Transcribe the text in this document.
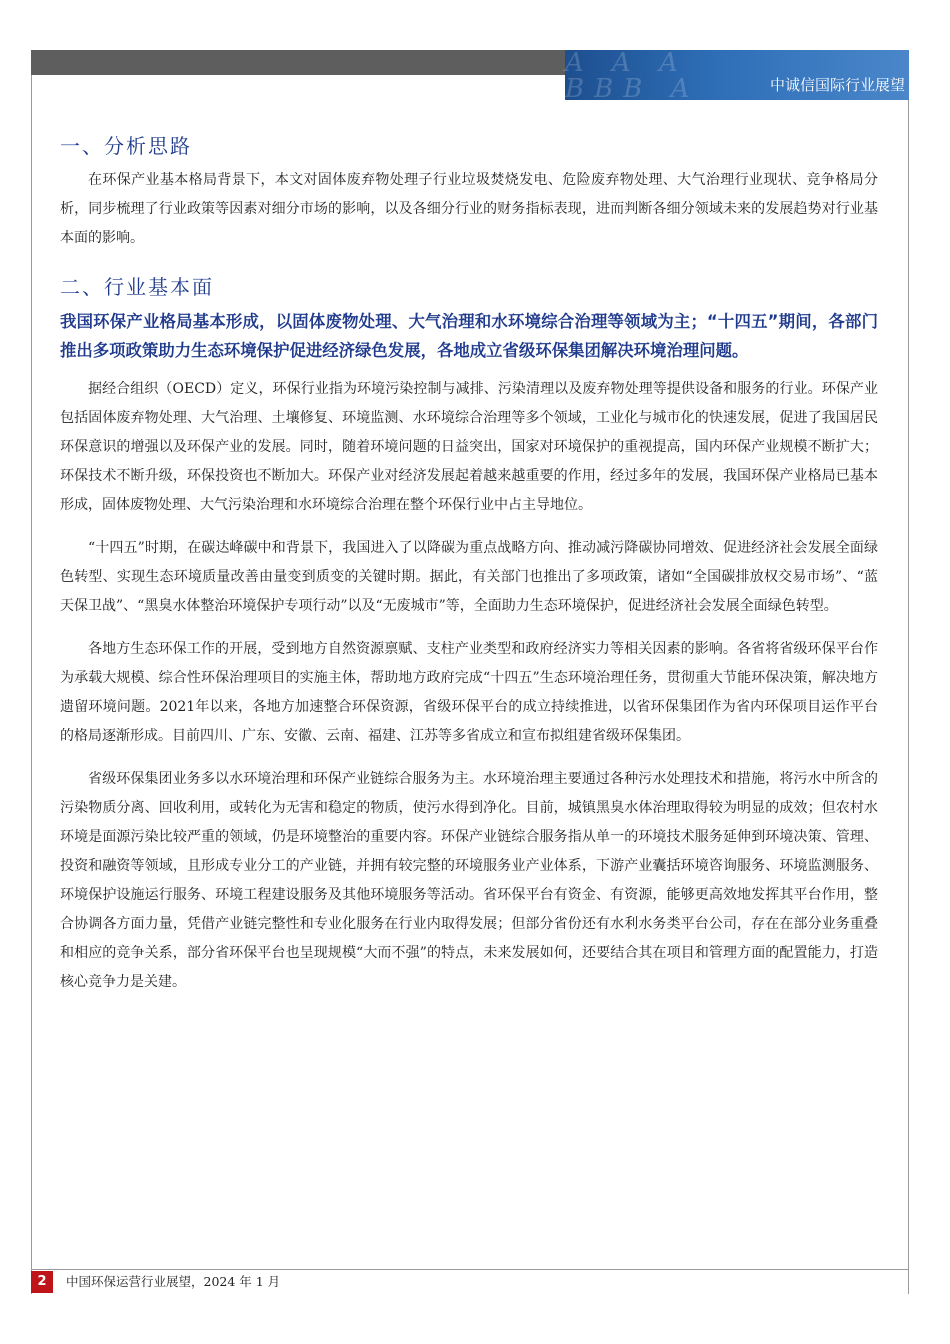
A A A
BBB A
CCC AA
中诚信国际行业展望
一、分析思路

在环保产业基本格局背景下，本文对固体废弃物处理子行业垃圾焚烧发电、危险废弃物处理、大气治理行业现状、竞争格局分析，同步梳理了行业政策等因素对细分市场的影响，以及各细分行业的财务指标表现，进而判断各细分领域未来的发展趋势对行业基本面的影响。

二、行业基本面

我国环保产业格局基本形成，以固体废物处理、大气治理和水环境综合治理等领域为主；“十四五”期间，各部门推出多项政策助力生态环境保护促进经济绿色发展，各地成立省级环保集团解决环境治理问题。

据经合组织（OECD）定义，环保行业指为环境污染控制与减排、污染清理以及废弃物处理等提供设备和服务的行业。环保产业包括固体废弃物处理、大气治理、土壤修复、环境监测、水环境综合治理等多个领域，工业化与城市化的快速发展，促进了我国居民环保意识的增强以及环保产业的发展。同时，随着环境问题的日益突出，国家对环境保护的重视提高，国内环保产业规模不断扩大；环保技术不断升级，环保投资也不断加大。环保产业对经济发展起着越来越重要的作用，经过多年的发展，我国环保产业格局已基本形成，固体废物处理、大气污染治理和水环境综合治理在整个环保行业中占主导地位。

“十四五”时期，在碳达峰碳中和背景下，我国进入了以降碳为重点战略方向、推动减污降碳协同增效、促进经济社会发展全面绿色转型、实现生态环境质量改善由量变到质变的关键时期。据此，有关部门也推出了多项政策，诸如“全国碳排放权交易市场”、“蓝天保卫战”、“黑臭水体整治环境保护专项行动”以及“无废城市”等，全面助力生态环境保护，促进经济社会发展全面绿色转型。

各地方生态环保工作的开展，受到地方自然资源禀赋、支柱产业类型和政府经济实力等相关因素的影响。各省将省级环保平台作为承载大规模、综合性环保治理项目的实施主体，帮助地方政府完成“十四五”生态环境治理任务，贯彻重大节能环保决策，解决地方遗留环境问题。2021年以来，各地方加速整合环保资源，省级环保平台的成立持续推进，以省环保集团作为省内环保项目运作平台的格局逐渐形成。目前四川、广东、安徽、云南、福建、江苏等多省成立和宣布拟组建省级环保集团。

省级环保集团业务多以水环境治理和环保产业链综合服务为主。水环境治理主要通过各种污水处理技术和措施，将污水中所含的污染物质分离、回收利用，或转化为无害和稳定的物质，使污水得到净化。目前，城镇黑臭水体治理取得较为明显的成效；但农村水环境是面源污染比较严重的领域，仍是环境整治的重要内容。环保产业链综合服务指从单一的环境技术服务延伸到环境决策、管理、投资和融资等领域，且形成专业分工的产业链，并拥有较完整的环境服务业产业体系，下游产业囊括环境咨询服务、环境监测服务、环境保护设施运行服务、环境工程建设服务及其他环境服务等活动。省环保平台有资金、有资源，能够更高效地发挥其平台作用，整合协调各方面力量，凭借产业链完整性和专业化服务在行业内取得发展；但部分省份还有水利水务类平台公司，存在在部分业务重叠和相应的竞争关系，部分省环保平台也呈现规模“大而不强”的特点，未来发展如何，还要结合其在项目和管理方面的配置能力，打造核心竞争力是关建。

2	中国环保运营行业展望，2024 年 1 月
